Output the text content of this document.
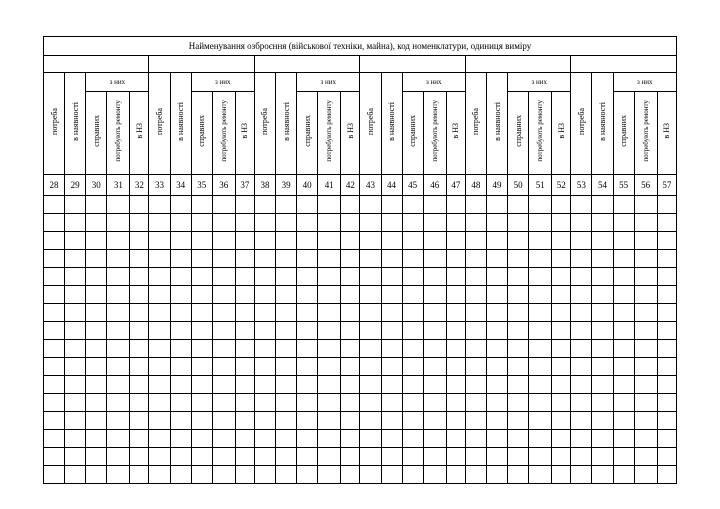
Найменування озброєння (військової техніки, майна), код номенклатури, одиниця виміру																													

потреба	в наявності	з них			потреба	в наявності	з них			потреба	в наявності	з них			потреба	в наявності	з них			потреба	в наявності	з них			потреба	в наявності	з них		
		справних	потребують ремонту	в НЗ			справних	потребують ремонту	в НЗ			справних	потребують ремонту	в НЗ			справних	потребують ремонту	в НЗ			справних	потребують ремонту	в НЗ			справних	потребують ремонту	в НЗ
28	29	30	31	32	33	34	35	36	37	38	39	40	41	42	43	44	45	46	47	48	49	50	51	52	53	54	55	56	57
